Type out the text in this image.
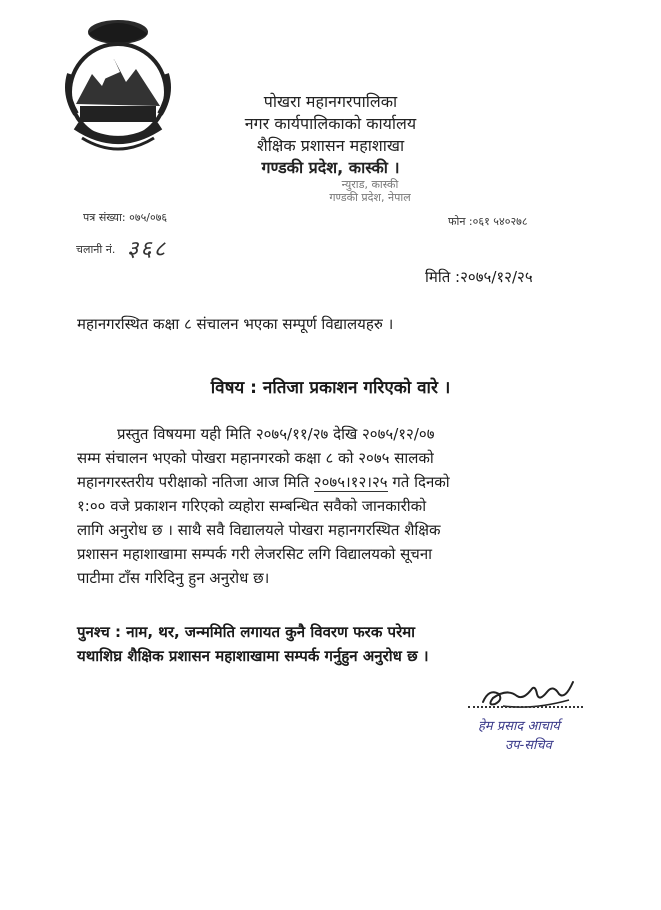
पोखरा महानगरपालिका
नगर कार्यपालिकाको कार्यालय
शैक्षिक प्रशासन महाशाखा
गण्डकी प्रदेश, कास्की ।
न्युराड, कास्की
गण्डकी प्रदेश, नेपाल
पत्र संख्या: ०७५/०७६
चलानी नं. ३६८
फोन :०६१ ५४०२७८
मिति :२०७५/१२/२५
महानगरस्थित कक्षा ८ संचालन भएका सम्पूर्ण विद्यालयहरु ।
विषय : नतिजा प्रकाशन गरिएको वारे ।
प्रस्तुत विषयमा यही मिति २०७५/११/२७ देखि २०७५/१२/०७
सम्म संचालन भएको पोखरा महानगरको कक्षा ८ को २०७५ सालको
महानगरस्तरीय परीक्षाको नतिजा आज मिति २०७५।१२।२५ गते दिनको
१:०० वजे प्रकाशन गरिएको व्यहोरा सम्बन्धित सवैको जानकारीको
लागि अनुरोध छ । साथै सवै विद्यालयले पोखरा महानगरस्थित शैक्षिक
प्रशासन महाशाखामा सम्पर्क गरी लेजरसिट लगि विद्यालयको सूचना
पाटीमा टाँस गरिदिनु हुन अनुरोध छ।
पुनश्च : नाम, थर, जन्ममिति लगायत कुनै विवरण फरक परेमा
यथाशिघ्र शैक्षिक प्रशासन महाशाखामा सम्पर्क गर्नुहुन अनुरोध छ ।
हेम प्रसाद आचार्य
उप-सचिव
